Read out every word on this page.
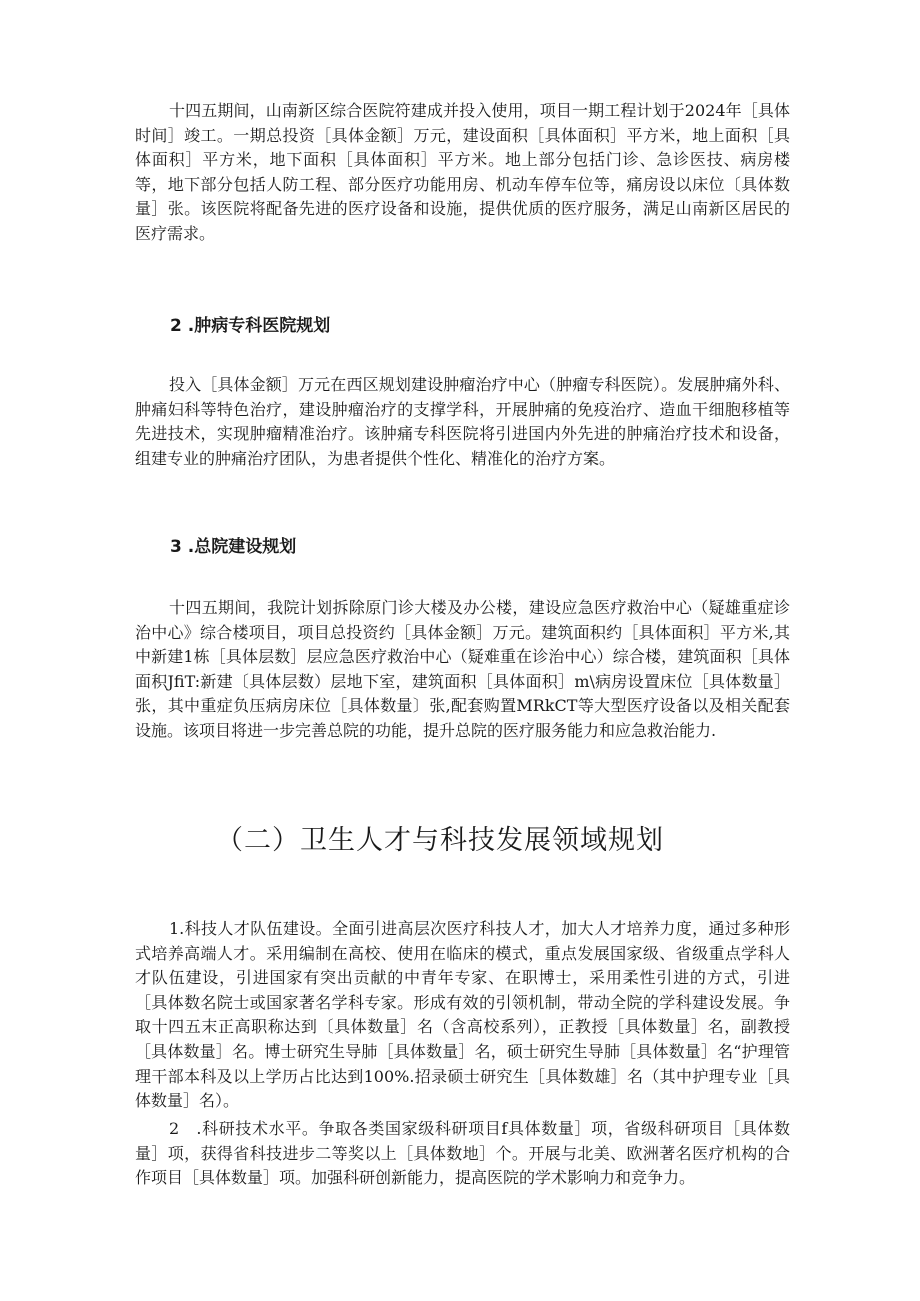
十四五期间，山南新区综合医院符建成并投入使用，项目一期工程计划于2024年［具体时间］竣工。一期总投资［具体金额］万元，建设面积［具体面积］平方米，地上面积［具体面积］平方米，地下面积［具体面积］平方米。地上部分包括门诊、急诊医技、病房楼等，地下部分包括人防工程、部分医疗功能用房、机动车停车位等，痛房设以床位〔具体数量］张。该医院将配备先进的医疗设备和设施，提供优质的医疗服务，满足山南新区居民的医疗需求。

2 .肿病专科医院规划

投入［具体金额］万元在西区规划建设肿瘤治疗中心（肿瘤专科医院）。发展肿痛外科、肿痛妇科等特色治疗，建设肿瘤治疗的支撑学科，开展肿痛的免疫治疗、造血干细胞移植等先进技术，实现肿瘤精准治疗。该肿痛专科医院将引进国内外先进的肿痛治疗技术和设备，组建专业的肿痛治疗团队，为患者提供个性化、精准化的治疗方案。

3 .总院建设规划

十四五期间，我院计划拆除原门诊大楼及办公楼，建设应急医疗救治中心（疑雄重症诊治中心》综合楼项目，项目总投资约［具体金额］万元。建筑面积约［具体面积］平方米,其中新建1栋［具体层数］层应急医疗救治中心（疑难重在诊治中心）综合楼，建筑面积［具体面积JfiT:新建〔具体层数）层地下室，建筑面积［具体面积］m\病房设置床位［具体数量］张，其中重症负压病房床位［具体数量〕张,配套购置MRkCT等大型医疗设备以及相关配套设施。该项目将进一步完善总院的功能，提升总院的医疗服务能力和应急救治能力.

（二）卫生人才与科技发展领域规划

1.科技人才队伍建设。全面引进高层次医疗科技人才，加大人才培养力度，通过多种形式培养高端人才。采用编制在高校、使用在临床的模式，重点发展国家级、省级重点学科人才队伍建设，引进国家有突出贡献的中青年专家、在职博士，采用柔性引进的方式，引进［具体数名院士或国家著名学科专家。形成有效的引领机制，带动全院的学科建设发展。争取十四五末正高职称达到〔具体数量］名（含高校系列），正教授［具体数量］名，副教授［具体数量］名。博士研究生导肺［具体数量］名，硕士研究生导肺［具体数量］名“护理管理干部本科及以上学历占比达到100%.招录硕士研究生［具体数雄］名（其中护理专业［具体数量］名）。

2　.科研技术水平。争取各类国家级科研项目f具体数量］项，省级科研项目［具体数量］项，获得省科技进步二等奖以上［具体数地］个。开展与北美、欧洲著名医疗机构的合作项目［具体数量］项。加强科研创新能力，提高医院的学术影响力和竞争力。
